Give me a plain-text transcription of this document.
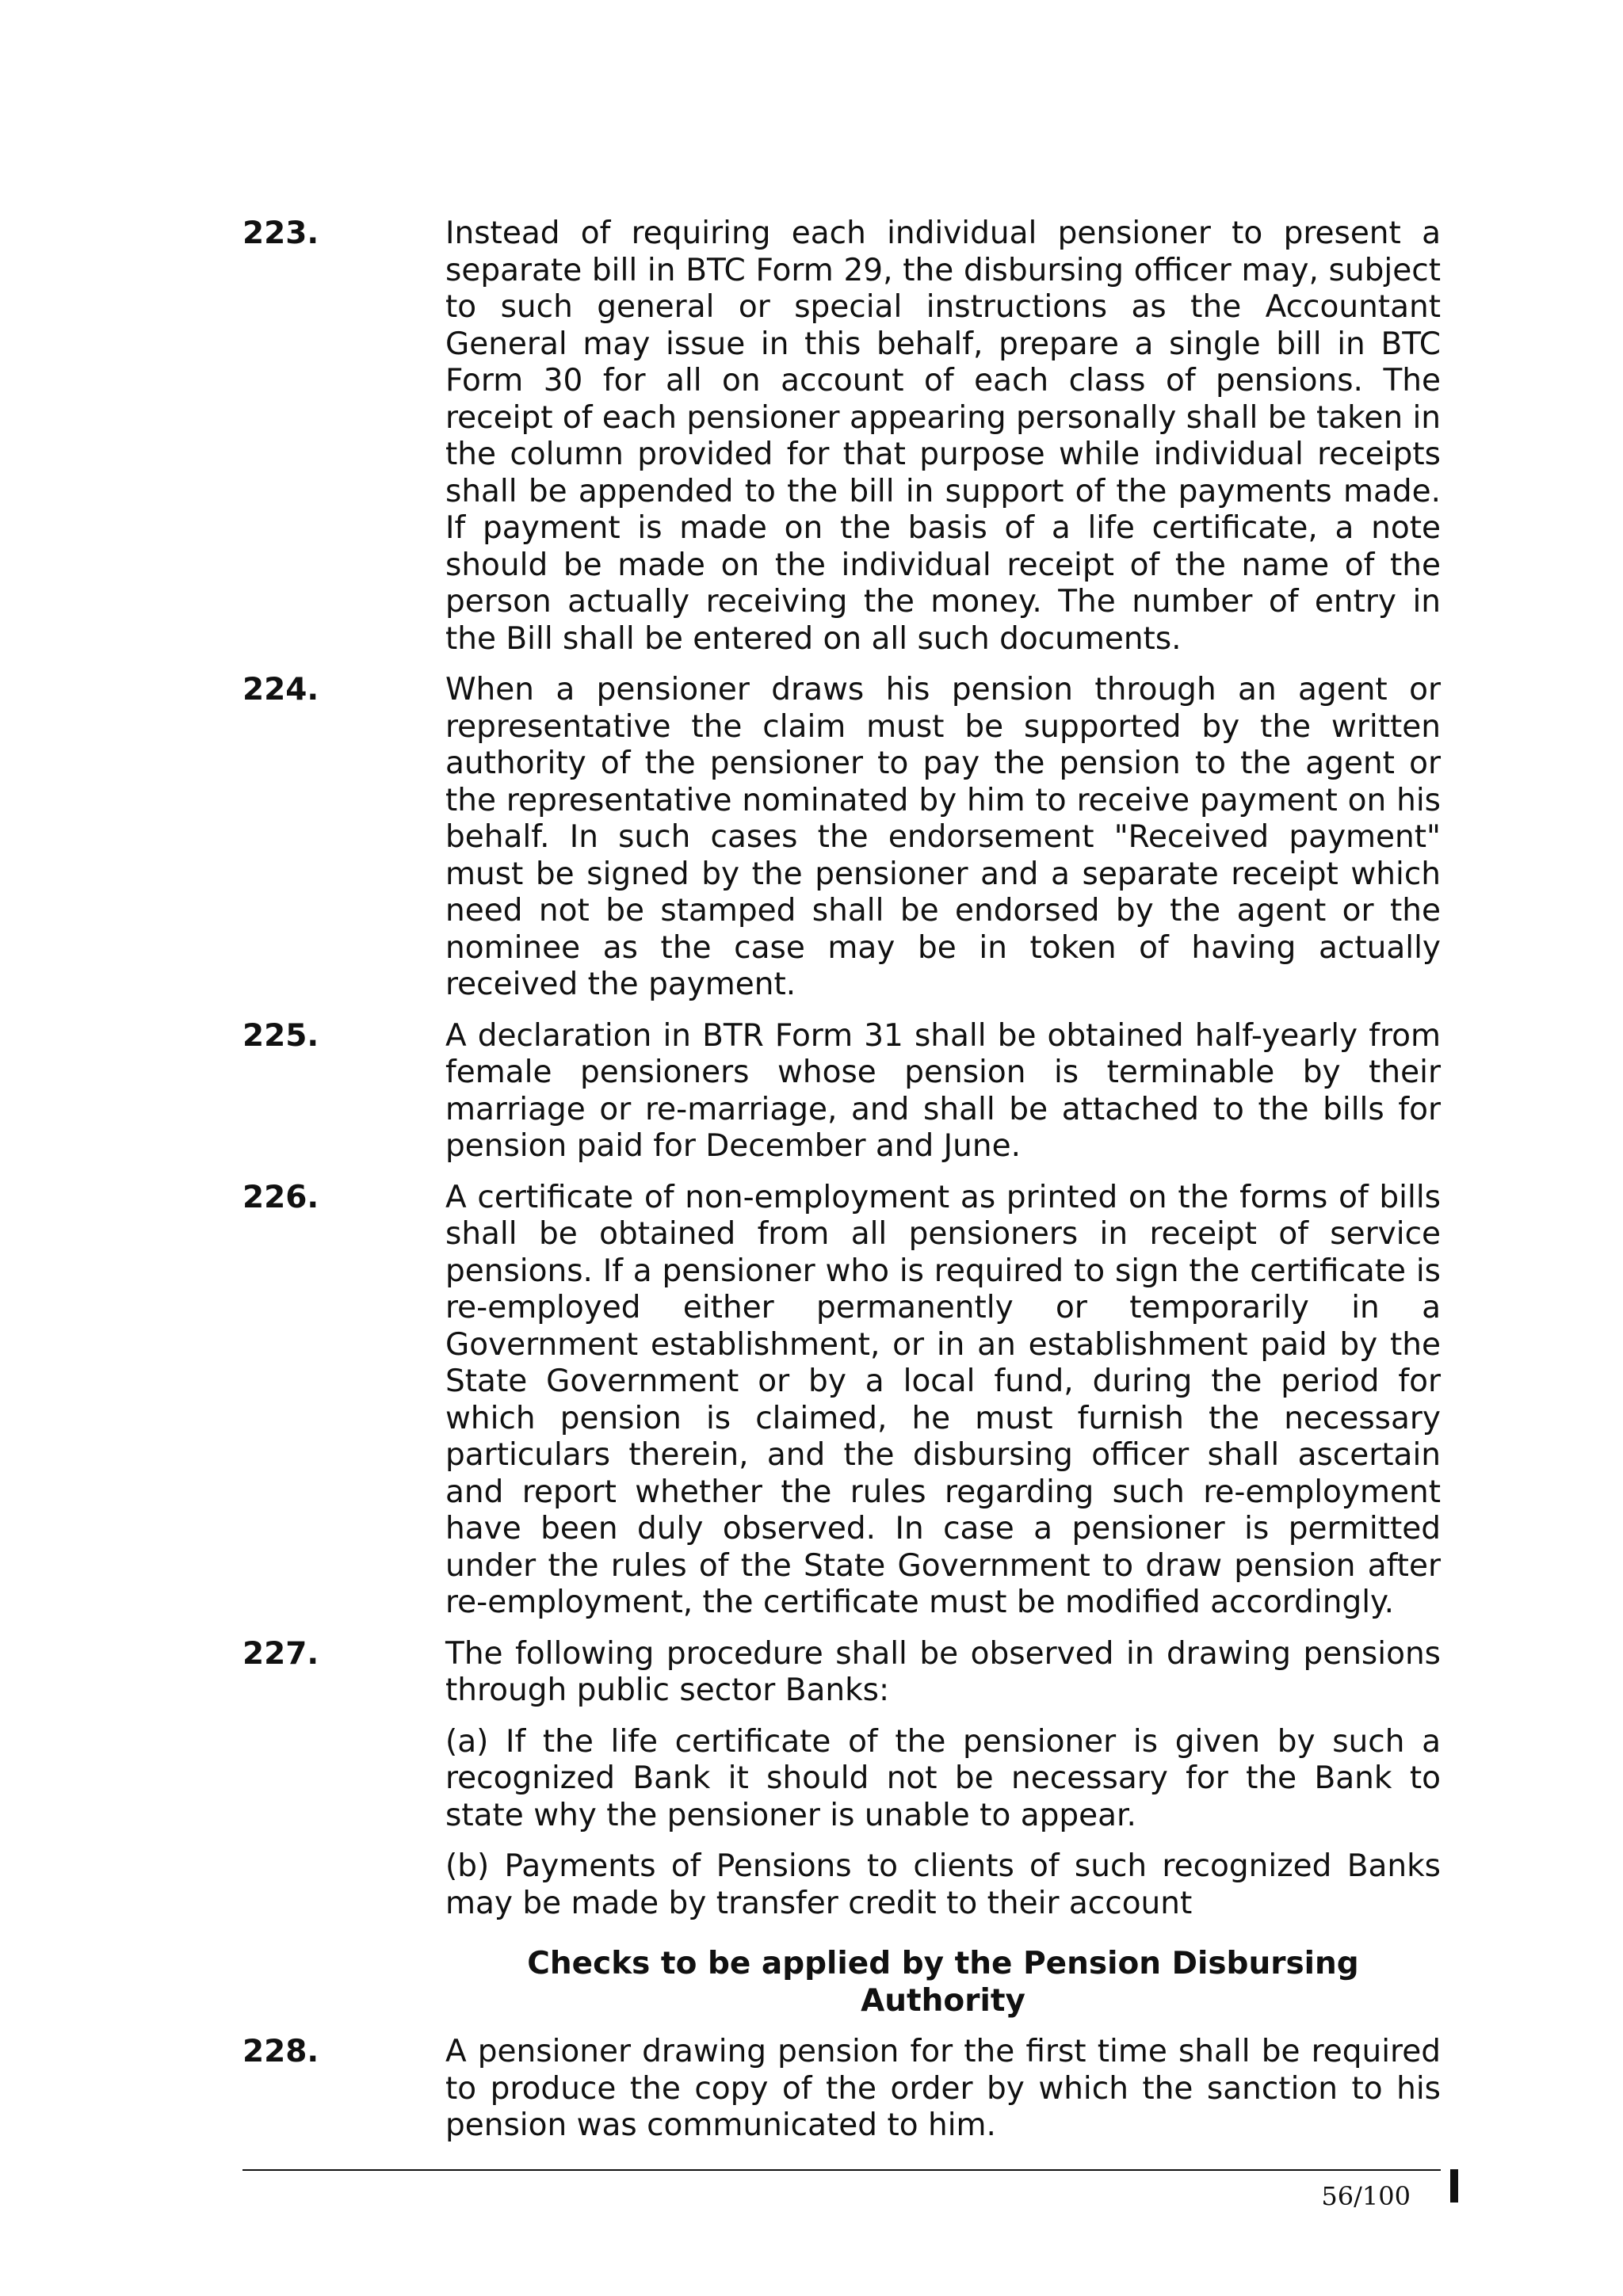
223.	Instead of requiring each individual pensioner to present a separate bill in BTC Form 29, the disbursing officer may, subject to such general or special instructions as the Accountant General may issue in this behalf, prepare a single bill in BTC Form 30 for all on account of each class of pensions. The receipt of each pensioner appearing personally shall be taken in the column provided for that purpose while individual receipts shall be appended to the bill in support of the payments made. If payment is made on the basis of a life certificate, a note should be made on the individual receipt of the name of the person actually receiving the money. The number of entry in the Bill shall be entered on all such documents.
224.	When a pensioner draws his pension through an agent or representative the claim must be supported by the written authority of the pensioner to pay the pension to the agent or the representative nominated by him to receive payment on his behalf. In such cases the endorsement "Received payment" must be signed by the pensioner and a separate receipt which need not be stamped shall be endorsed by the agent or the nominee as the case may be in token of having actually received the payment.
225.	A declaration in BTR Form 31 shall be obtained half-yearly from female pensioners whose pension is terminable by their marriage or re-marriage, and shall be attached to the bills for pension paid for December and June.
226.	A certificate of non-employment as printed on the forms of bills shall be obtained from all pensioners in receipt of service pensions. If a pensioner who is required to sign the certificate is re-employed either permanently or temporarily in a Government establishment, or in an establishment paid by the State Government or by a local fund, during the period for which pension is claimed, he must furnish the necessary particulars therein, and the disbursing officer shall ascertain and report whether the rules regarding such re-employment have been duly observed. In case a pensioner is permitted under the rules of the State Government to draw pension after re-employment, the certificate must be modified accordingly.
227.	The following procedure shall be observed in drawing pensions through public sector Banks:
(a) If the life certificate of the pensioner is given by such a recognized Bank it should not be necessary for the Bank to state why the pensioner is unable to appear.
(b) Payments of Pensions to clients of such recognized Banks may be made by transfer credit to their account
Checks to be applied by the Pension Disbursing Authority
228.	A pensioner drawing pension for the first time shall be required to produce the copy of the order by which the sanction to his pension was communicated to him.
56/100
